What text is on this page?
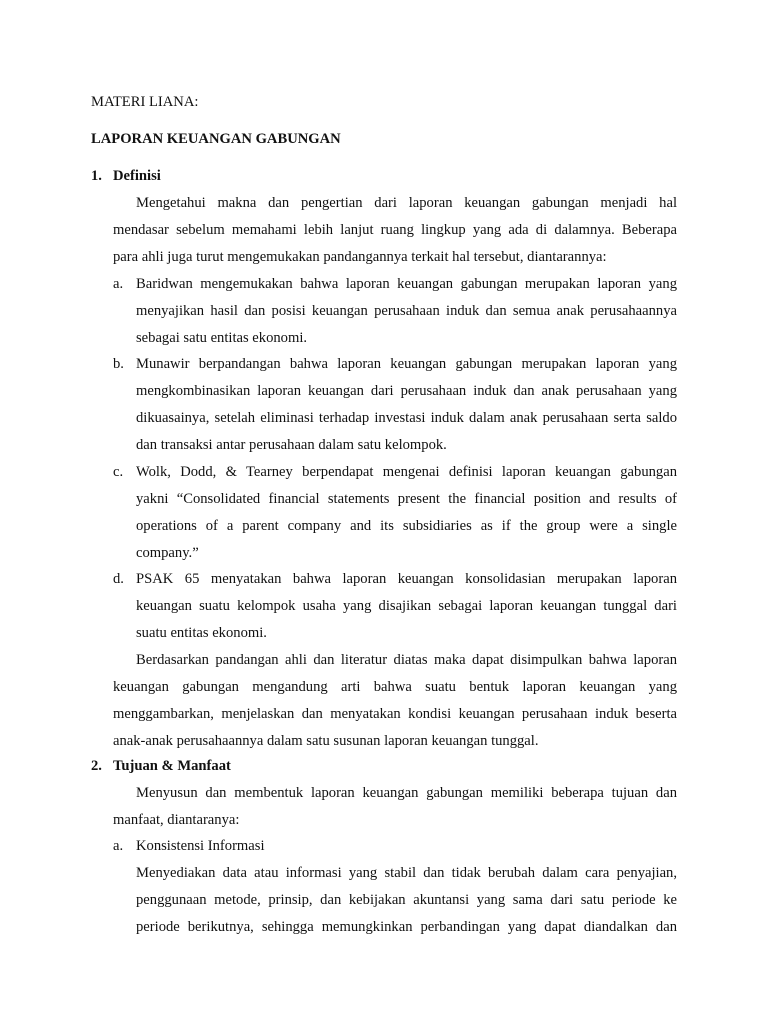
MATERI LIANA:
LAPORAN KEUANGAN GABUNGAN
1. Definisi
Mengetahui makna dan pengertian dari laporan keuangan gabungan menjadi hal
mendasar sebelum memahami lebih lanjut ruang lingkup yang ada di dalamnya. Beberapa
para ahli juga turut mengemukakan pandangannya terkait hal tersebut, diantarannya:
a. Baridwan mengemukakan bahwa laporan keuangan gabungan merupakan laporan yang
menyajikan hasil dan posisi keuangan perusahaan induk dan semua anak perusahaannya
sebagai satu entitas ekonomi.
b. Munawir berpandangan bahwa laporan keuangan gabungan merupakan laporan yang
mengkombinasikan laporan keuangan dari perusahaan induk dan anak perusahaan yang
dikuasainya, setelah eliminasi terhadap investasi induk dalam anak perusahaan serta saldo
dan transaksi antar perusahaan dalam satu kelompok.
c. Wolk, Dodd, & Tearney berpendapat mengenai definisi laporan keuangan gabungan
yakni “Consolidated financial statements present the financial position and results of
operations of a parent company and its subsidiaries as if the group were a single
company.”
d. PSAK 65 menyatakan bahwa laporan keuangan konsolidasian merupakan laporan
keuangan suatu kelompok usaha yang disajikan sebagai laporan keuangan tunggal dari
suatu entitas ekonomi.
Berdasarkan pandangan ahli dan literatur diatas maka dapat disimpulkan bahwa laporan
keuangan gabungan mengandung arti bahwa suatu bentuk laporan keuangan yang
menggambarkan, menjelaskan dan menyatakan kondisi keuangan perusahaan induk beserta
anak-anak perusahaannya dalam satu susunan laporan keuangan tunggal.
2. Tujuan & Manfaat
Menyusun dan membentuk laporan keuangan gabungan memiliki beberapa tujuan dan
manfaat, diantaranya:
a. Konsistensi Informasi
Menyediakan data atau informasi yang stabil dan tidak berubah dalam cara penyajian,
penggunaan metode, prinsip, dan kebijakan akuntansi yang sama dari satu periode ke
periode berikutnya, sehingga memungkinkan perbandingan yang dapat diandalkan dan
